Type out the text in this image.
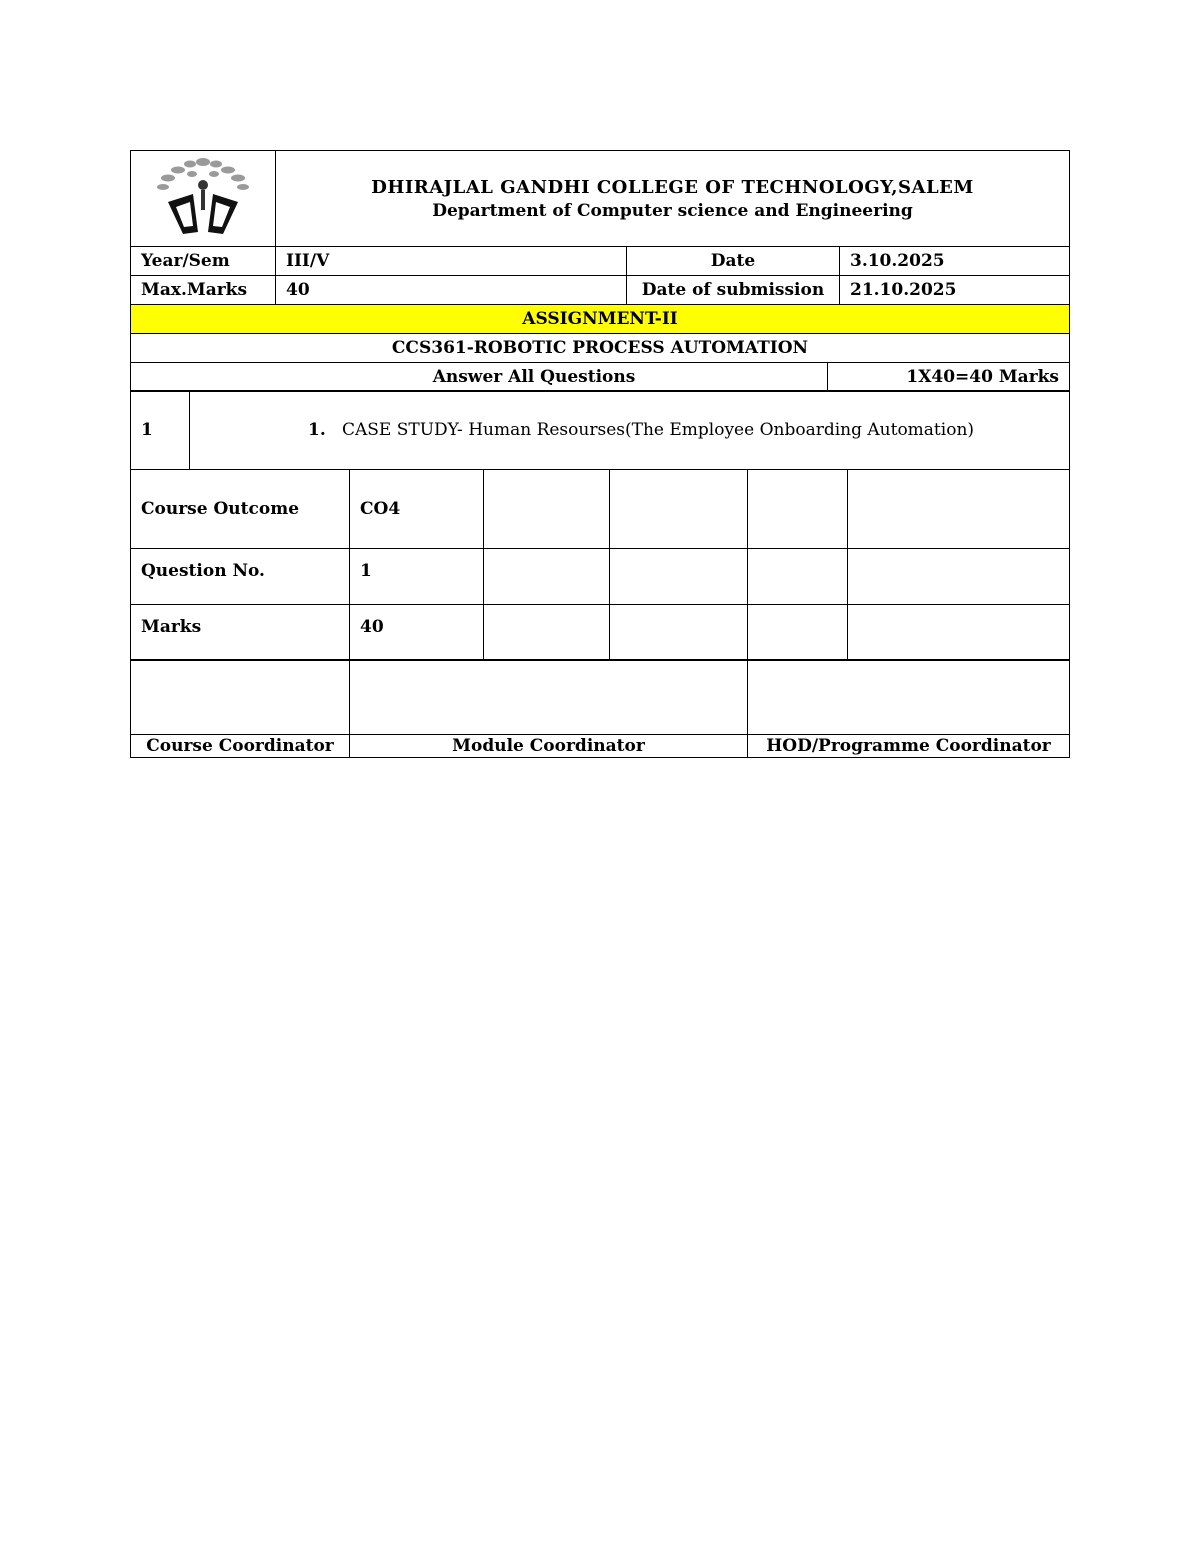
DHIRAJLAL GANDHI COLLEGE OF TECHNOLOGY,SALEM
Department of Computer science and Engineering		

Year/Sem	III/V	Date	3.10.2025
Max.Marks	40	Date of submission	21.10.2025
ASSIGNMENT-II			
CCS361-ROBOTIC PROCESS AUTOMATION			
Answer All Questions	1X40=40 Marks
1	1. CASE STUDY- Human Resourses(The Employee Onboarding Automation)
Course Outcome	CO4				
Question No.	1				
Marks	40				

Course Coordinator	Module Coordinator	HOD/Programme Coordinator
